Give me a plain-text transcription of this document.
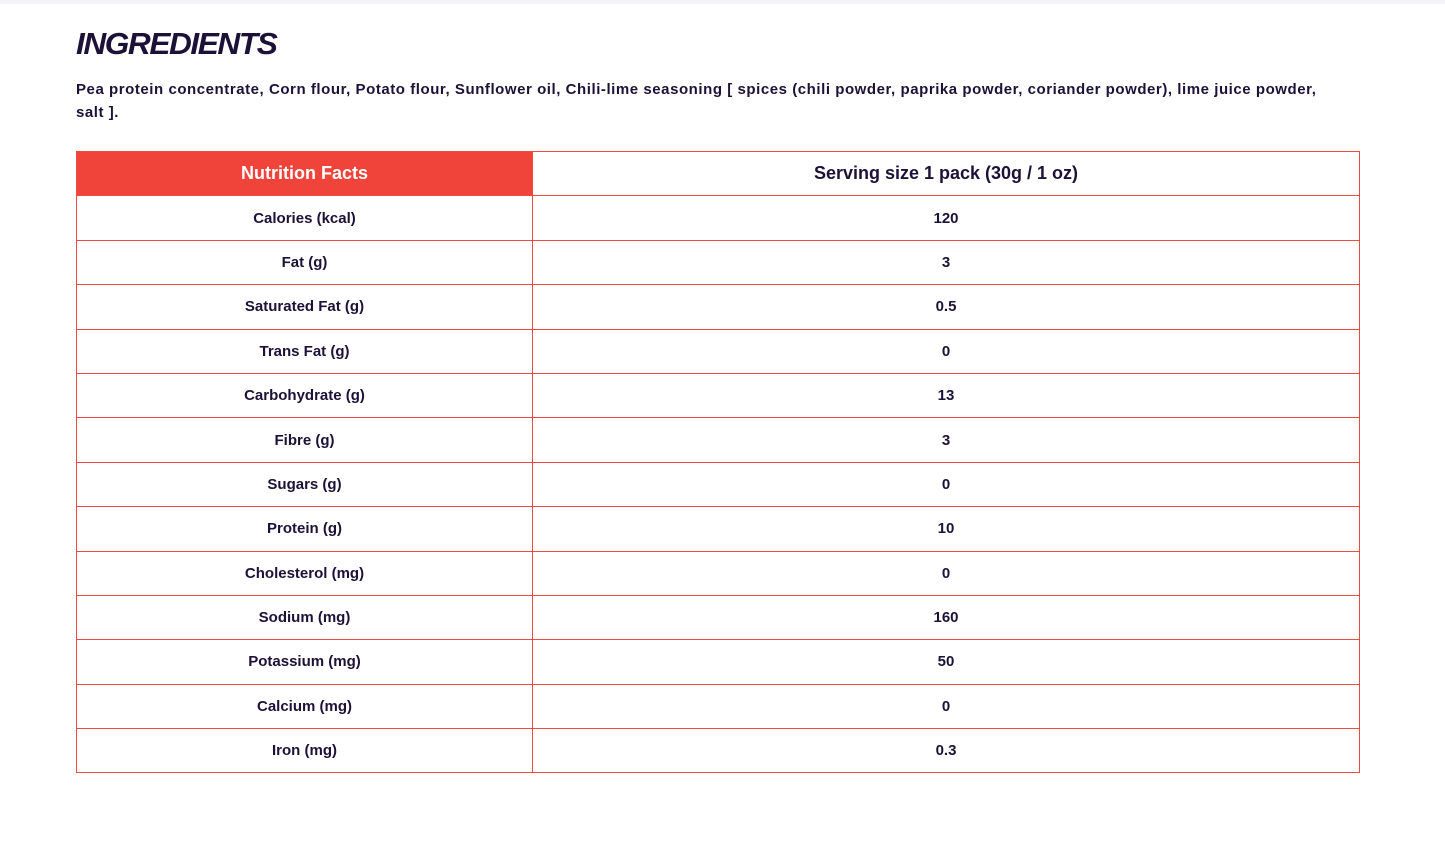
INGREDIENTS

Pea protein concentrate, Corn flour, Potato flour, Sunflower oil, Chili-lime seasoning [ spices (chili powder, paprika powder, coriander powder), lime juice powder, salt ].

Nutrition Facts	Serving size 1 pack (30g / 1 oz)
Calories (kcal)	120
Fat (g)	3
Saturated Fat (g)	0.5
Trans Fat (g)	0
Carbohydrate (g)	13
Fibre (g)	3
Sugars (g)	0
Protein (g)	10
Cholesterol (mg)	0
Sodium (mg)	160
Potassium (mg)	50
Calcium (mg)	0
Iron (mg)	0.3
